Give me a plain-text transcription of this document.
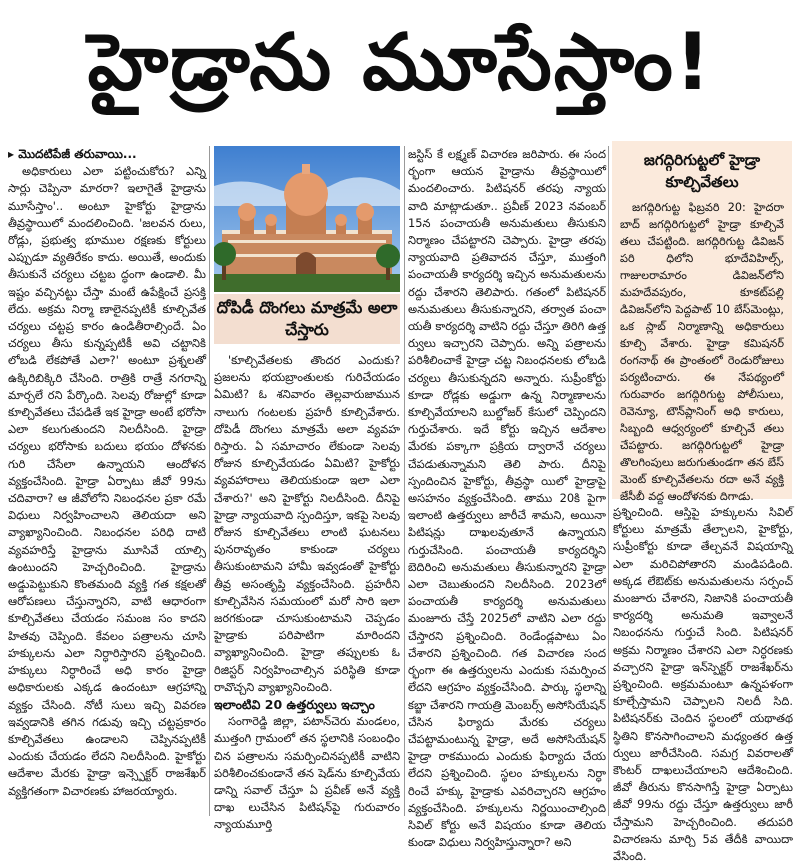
హైడ్రాను మూసేస్తాం!

▸ మొదటిపేజీ తరువాయి...

అధికారులు ఎలా పట్టించుకోరు? ఎన్ని సార్లు చెప్పినా మారరా? ఇలాగైతే హైడ్రాను మూసేస్తాం'.. అంటూ హైకోర్టు హైడ్రాను తీవ్రస్థాయిలో మందలించింది. 'జలవన రులు, రోడ్లు, ప్రభుత్వ భూముల రక్షణకు కోర్టులు ఎప్పుడూ వ్యతిరేకం కాదు. అయితే, అందుకు తీసుకునే చర్యలు చట్టబ ద్ధంగా ఉండాలి. మీ ఇష్టం వచ్చినట్టు చేస్తా మంటే ఉపేక్షించే ప్రసక్తి లేదు. అక్రమ నిర్మా ణాలైనప్పటికీ కూల్చివేత చర్యలు చట్టప్ర కారం ఉండితీరాల్సిందే. ఏం చర్యలు తీసు కున్నప్పటికీ అవి చట్టానికి లోబడి లేకపోతే ఎలా?' అంటూ ప్రశ్నలతో ఉక్కిరిబిక్కిరి చేసింది. రాత్రికి రాత్రే నగరాన్ని మార్చలే రని పేర్కొంది. సెలవు రోజుల్లో కూడా కూల్చివేతలు చేపడితే ఇక హైడ్రా అంటే భరోసా ఎలా కలుగుతుందని నిలదీసింది. హైడ్రా చర్యలు భరోసాకు బదులు భయం దోళనకు గురి చేసేలా ఉన్నాయని ఆందోళన వ్యక్తంచేసింది. హైడ్రా ఏర్పాటు జీవో 99ను చదివారా? ఆ జీవోలోని నిబంధనల ప్రకా రమే విధులు నిర్వహించాలని తెలియదా అని వ్యాఖ్యానించింది. నిబంధనల పరిధి దాటి వ్యవహరిస్తే హైడ్రాను మూసివే యాల్సి ఉంటుందని హెచ్చరించింది. హైడ్రాను అడ్డుపెట్టుకుని కొంతమంది వ్యక్తి గత కక్షలతో ఆరోపణలు చేస్తున్నారని, వాటి ఆధారంగా కూల్చివేతలు చేయడం సమంజ సం కాదని హితవు చెప్పింది. కేవలం పత్రాలను చూసి హక్కులను ఎలా నిర్ధారిస్తారని ప్రశ్నించింది. హక్కులు నిర్ధారించే అధి కారం హైడ్రా అధికారులకు ఎక్కడ ఉందంటూ ఆగ్రహాన్ని వ్యక్తం చేసింది. నోటీ సులు ఇచ్చి వివరణ ఇవ్వడానికి తగిన గడువు ఇచ్చి చట్టప్రకారం కూల్చివేతలు ఉండాలని చెప్పినప్పటికీ ఎందుకు చేయడం లేదని నిలదీసింది. హైకోర్టు ఆదేశాల మేరకు హైడ్రా ఇన్స్పెక్టర్ రాజశేఖర్ వ్యక్తిగతంగా విచారణకు హాజరయ్యారు.

దోపిడీ దొంగలు మాత్రమే అలా చేస్తారు

'కూల్చివేతలకు తొందర ఎందుకు? ప్రజలను భయబ్రాంతులకు గురిచేయడం ఏమిటి? ఓ శనివారం తెల్లవారుజామున నాలుగు గంటలకు ప్రహరీ కూల్చివేశారు. దోపిడీ దొంగలు మాత్రమే అలా వ్యవహ రిస్తారు. ఏ సమాచారం లేకుండా సెలవు రోజున కూల్చివేయడం ఏమిటి? హైకోర్టు వ్యవహారాలు తెలియకుండా ఇలా ఎలా చేశారు?' అని హైకోర్టు నిలదీసింది. దీనిపై హైడ్రా న్యాయవాది స్పందిస్తూ, ఇకపై సెలవు రోజున కూల్చివేతలు లాంటి ఘటనలు పునరావృతం కాకుండా చర్యలు తీసుకుంటామని హామీ ఇవ్వడంతో హైకోర్టు తీవ్ర అసంతృప్తి వ్యక్తంచేసింది. ప్రహరీని కూల్చివేసిన సమయంలో మరో సారి ఇలా జరగకుండా చూసుకుంటామని చెప్పడం హైడ్రాకు పరిపాటిగా మారిందని వ్యాఖ్యానించింది. హైడ్రా తప్పులకు ఓ రిజిస్టర్ నిర్వహించాల్సిన పరిస్థితి కూడా రావొచ్చని వ్యాఖ్యానించింది.

ఇలాంటివి 20 ఉత్తర్వులు ఇచ్చాం

సంగారెడ్డి జిల్లా, పటాన్‌చెరు మండలం, ముత్తంగి గ్రామంలో తన స్థలానికి సంబంధిం చిన పత్రాలను సమర్పించినప్పటికీ వాటిని పరిశీలించకుండానే తన షెడ్‌ను కూల్చివేయ డాన్ని సవాల్ చేస్తూ ఏ ప్రవీణ్ అనే వ్యక్తి దాఖ లుచేసిన పిటిషన్‌పై గురువారం న్యాయమూర్తి

జస్టిస్ కే లక్ష్మణ్ విచారణ జరిపారు. ఈ సంద ర్భంగా ఆయన హైడ్రాను తీవ్రస్థాయిలో మందలించారు. పిటిషనర్ తరపు న్యాయ వాది మాట్లాడుతూ.. ప్రవీణ్ 2023 నవంబర్ 15న పంచాయతీ అనుమతులు తీసుకుని నిర్మాణం చేపట్టారని చెప్పారు. హైడ్రా తరపు న్యాయవాది ప్రతివాదన చేస్తూ, ముత్తంగి పంచాయతీ కార్యదర్శి ఇచ్చిన అనుమతులను రద్దు చేశారని తెలిపారు. గతంలో పిటిషనర్ అనుమతులు తీసుకున్నారని, తర్వాత పంచా యతీ కార్యదర్శి వాటిని రద్దు చేస్తూ తిరిగి ఉత్త ర్వులు ఇచ్చారని చెప్పారు. అన్ని పత్రాలను పరిశీలించాకే హైడ్రా చట్ట నిబంధనలకు లోబడి చర్యలు తీసుకున్నదని అన్నారు. సుప్రీంకోర్టు కూడా రోడ్లకు అడ్డుగా ఉన్న నిర్మాణాలను కూల్చివేయాలని బుల్డోజర్ కేసులో చెప్పిందని గుర్తుచేశారు. ఇదే కోర్టు ఇచ్చిన ఆదేశాల మేరకు పక్కాగా ప్రక్రియ ద్వారానే చర్యలు చేపడుతున్నామని తెలి పారు. దీనిపై స్పందించిన హైకోర్టు, తీవ్రస్థా యిలో హైడ్రాపై అసహనం వ్యక్తంచేసింది. తాము 20కి పైగా ఇలాంటి ఉత్తర్వులు జారీచే శామని, అయినా పిటిషన్లు దాఖలవుతూనే ఉన్నాయని గుర్తుచేసింది. పంచాయతీ కార్యదర్శిని బెదిరించి అనుమతులు తీసుకున్నారని హైడ్రా ఎలా చెబుతుందని నిలదీసింది. 2023లో పంచాయతీ కార్యదర్శి అనుమతులు మంజూరు చేస్తే 2025లో వాటిని ఎలా రద్దు చేస్తారని ప్రశ్నించింది. రెండేండ్లపాటు ఏం చేశారని ప్రశ్నించింది. గత విచారణ సంద ర్భంగా ఈ ఉత్తర్వులను ఎందుకు సమర్పించ లేదని ఆగ్రహం వ్యక్తంచేసింది. పార్కు స్థలాన్ని కబ్జా చేశారని గాయత్రి మెంబర్స్ అసోసియేషన్ చేసిన ఫిర్యాదు మేరకు చర్యలు చేపట్టామంటున్న హైడ్రా, అదే అసోసియేషన్ హైడ్రా రాకముందు ఎందుకు ఫిర్యాదు చేయ లేదని ప్రశ్నించింది. స్థలం హక్కులను నిర్ధా రించే హక్కు హైడ్రాకు ఎవరిచ్చారని ఆగ్రహం వ్యక్తంచేసింది. హక్కులను నిర్ణయించాల్సింది సివిల్ కోర్టు అనే విషయం కూడా తెలియ కుండా విధులు నిర్వహిస్తున్నారా? అని

జగద్గిరిగుట్టలో హైడ్రా కూల్చివేతలు
జగద్గిరిగుట్ట ఫిబ్రవరి 20: హైదరా బాద్ జగద్గిరిగుట్టలో హైడ్రా కూల్చివే తలు చేపట్టింది. జగద్గిరిగుట్ట డివిజన్ పరి ధిలోని భూదేవిహిల్స్, గాజులరామారం డివిజన్‌లోని మహదేవపురం, కూకట్‌పల్లి డివిజన్‌లోని పెద్దపాట్ 10 బేస్‌మెంట్లు, ఒక స్లాబ్ నిర్మాణాన్ని అధికారులు కూల్చి వేశారు. హైడ్రా కమిషనర్ రంగనాథ్ ఈ ప్రాంతంలో రెండురోజులు పర్యటించారు. ఈ నేపథ్యంలో గురువారం జగద్గిరిగుట్ట పోలీసులు, రెవెన్యూ, టౌన్‌ప్లానింగ్ అధి కారులు, సిబ్బంది ఆధ్వర్యంలో కూల్చివే తలు చేపట్టారు. జగద్గిరిగుట్టలో హైడ్రా తొలగింపులు జరుగుతుండగా తన బేస్ మెంట్ కూల్చివేతలను రదా అనే వ్యక్తి జేసీబీ వద్ద ఆందోళనకు దిగాడు.

ప్రశ్నించింది. ఆస్తిపై హక్కులను సివిల్ కోర్టులు మాత్రమే తేల్చాలని, హైకోర్టు, సుప్రీంకోర్టు కూడా తేల్చవనే విషయాన్ని ఎలా మరిచిపోతారని మండిపడింది. అక్కడ లేఔట్‌కు అనుమతులను సర్పంచ్ మంజూరు చేశారని, నిజానికి పంచాయతీ కార్యదర్శి అనుమతి ఇవ్వాలనే నిబంధనను గుర్తుచే సింది. పిటిషనర్ అక్రమ నిర్మాణం చేశారని ఎలా నిర్ధరణకు వచ్చారని హైడ్రా ఇన్‌స్పెక్టర్ రాజశేఖర్‌ను ప్రశ్నించింది. అక్రమమంటూ ఉన్నపళంగా కూల్చేస్తామని చెప్పాలని నిలదీ సిది. పిటిషనర్‌కు చెందిన స్థలంలో యథాతథ స్థితిని కొనసాగించాలని మధ్యంతర ఉత్త ర్వులు జారీచేసింది. సమగ్ర వివరాలతో కౌంటర్ దాఖలుచేయాలని ఆదేశించింది. జీవో తీరును కొనసాగిస్తే హైడ్రా ఏర్పాటు జీవో 99ను రద్దు చేస్తూ ఉత్తర్వులు జారీ చేస్తామని హెచ్చరించింది. తదుపరి విచారణను మార్చి 5వ తేదీకి వాయిదా వేసింది.
